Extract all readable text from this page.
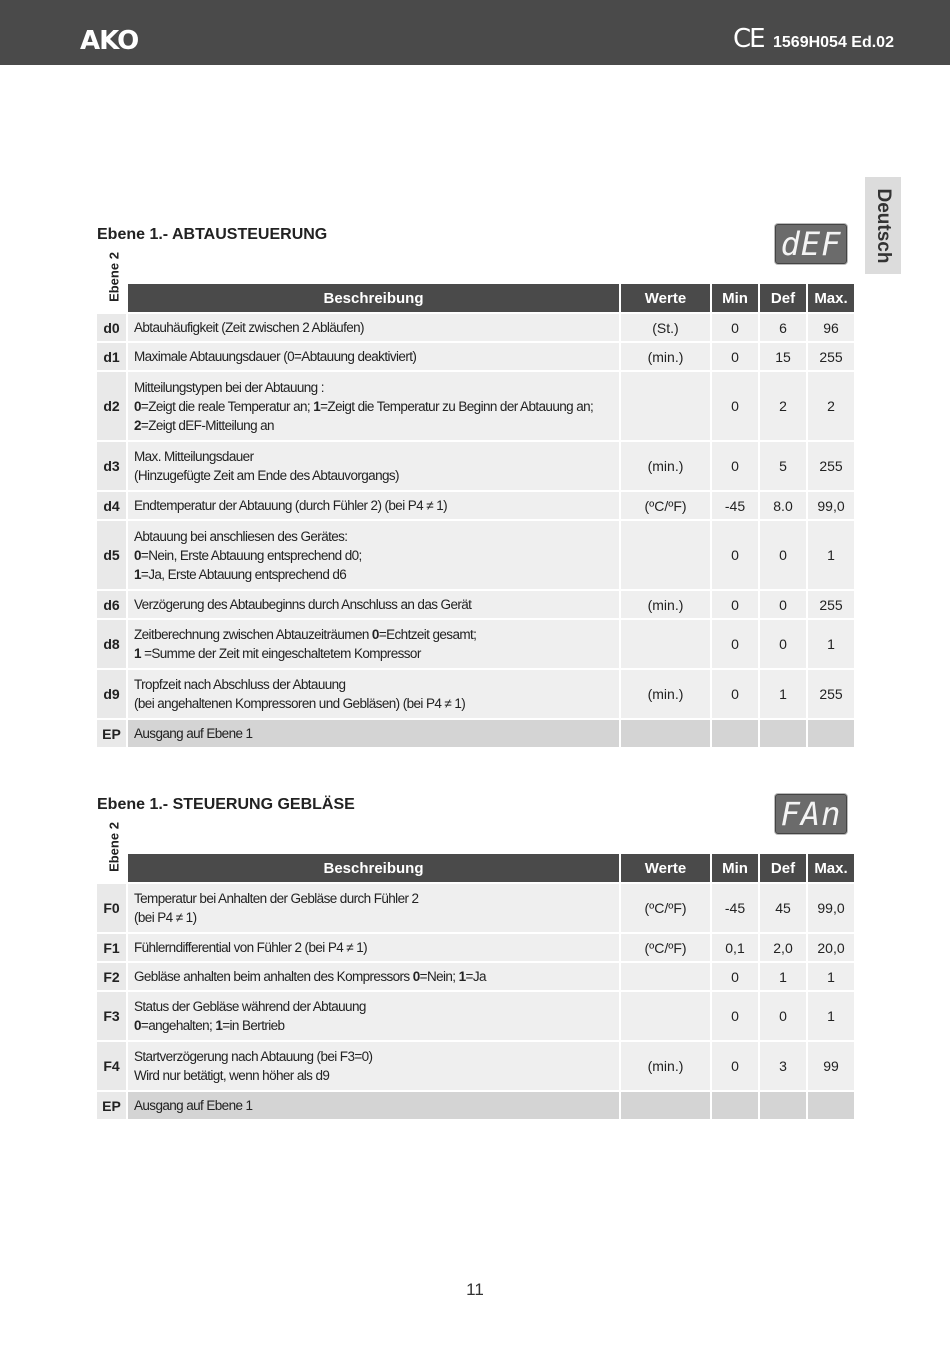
AKO	CE 1569H054 Ed.02
Deutsch
Ebene 1.- ABTAUSTEUERUNG
Ebene 2
dEF
	Beschreibung	Werte	Min	Def	Max.
d0	Abtauhäufigkeit (Zeit zwischen 2 Abläufen)	(St.)	0	6	96
d1	Maximale Abtauungsdauer (0=Abtauung deaktiviert)	(min.)	0	15	255
d2	Mitteilungstypen bei der Abtauung :
0=Zeigt die reale Temperatur an; 1=Zeigt die Temperatur zu Beginn der Abtauung an;
2=Zeigt dEF-Mitteilung an		0	2	2
d3	Max. Mitteilungsdauer
(Hinzugefügte Zeit am Ende des Abtauvorgangs)	(min.)	0	5	255
d4	Endtemperatur der Abtauung (durch Fühler 2) (bei P4 ≠ 1)	(ºC/ºF)	-45	8.0	99,0
d5	Abtauung bei anschliesen des Gerätes:
0=Nein, Erste Abtauung entsprechend d0;
1=Ja, Erste Abtauung entsprechend d6		0	0	1
d6	Verzögerung des Abtaubeginns durch Anschluss an das Gerät	(min.)	0	0	255
d8	Zeitberechnung zwischen Abtauzeiträumen 0=Echtzeit gesamt;
1 =Summe der Zeit mit eingeschaltetem Kompressor		0	0	1
d9	Tropfzeit nach Abschluss der Abtauung
(bei angehaltenen Kompressoren und Gebläsen) (bei P4 ≠ 1)	(min.)	0	1	255
EP	Ausgang auf Ebene 1				

Ebene 1.- STEUERUNG GEBLÄSE
Ebene 2
FAn
	Beschreibung	Werte	Min	Def	Max.
F0	Temperatur bei Anhalten der Gebläse durch Fühler 2
(bei P4 ≠ 1)	(ºC/ºF)	-45	45	99,0
F1	Fühlerndifferential von Fühler 2 (bei P4 ≠ 1)	(ºC/ºF)	0,1	2,0	20,0
F2	Gebläse anhalten beim anhalten des Kompressors 0=Nein; 1=Ja		0	1	1
F3	Status der Gebläse während der Abtauung
0=angehalten; 1=in Bertrieb		0	0	1
F4	Startverzögerung nach Abtauung (bei F3=0)
Wird nur betätigt, wenn höher als d9	(min.)	0	3	99
EP	Ausgang auf Ebene 1				

11
